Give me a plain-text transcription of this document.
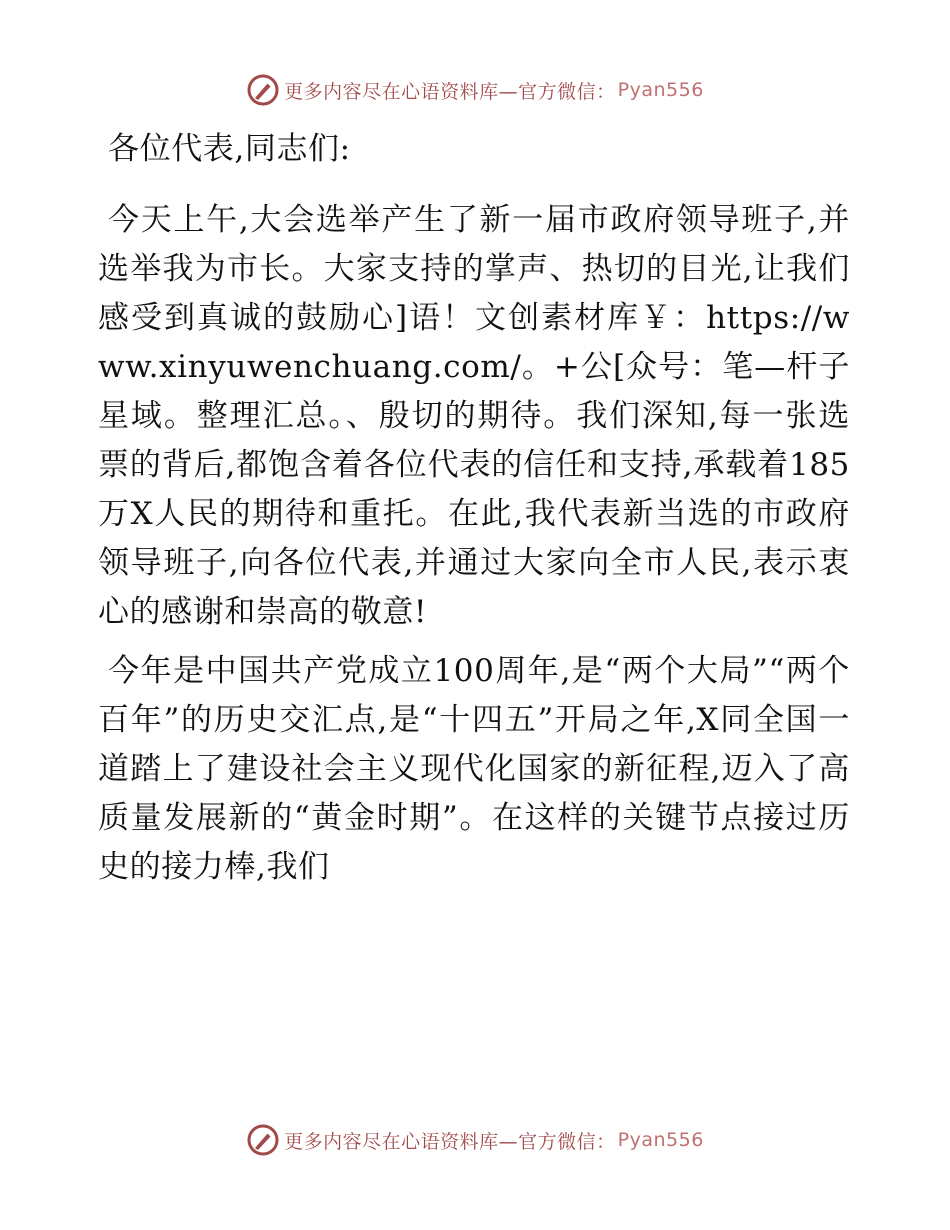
更多内容尽在心语资料库—官方微信： Pyan556

各位代表,同志们:

今天上午,大会选举产生了新一届市政府领导班子,并选举我为市长。大家支持的掌声、热切的目光,让我们感受到真诚的鼓励心]语！文创素材库￥：https://www.xinyuwenchuang.com/。+公[众号：笔—杆子星域。整理汇总。、殷切的期待。我们深知,每一张选票的背后,都饱含着各位代表的信任和支持,承载着185万X人民的期待和重托。在此,我代表新当选的市政府领导班子,向各位代表,并通过大家向全市人民,表示衷心的感谢和崇高的敬意!

今年是中国共产党成立100周年,是“两个大局”“两个百年”的历史交汇点,是“十四五”开局之年,X同全国一道踏上了建设社会主义现代化国家的新征程,迈入了高质量发展新的“黄金时期”。在这样的关键节点接过历史的接力棒,我们

更多内容尽在心语资料库—官方微信： Pyan556
